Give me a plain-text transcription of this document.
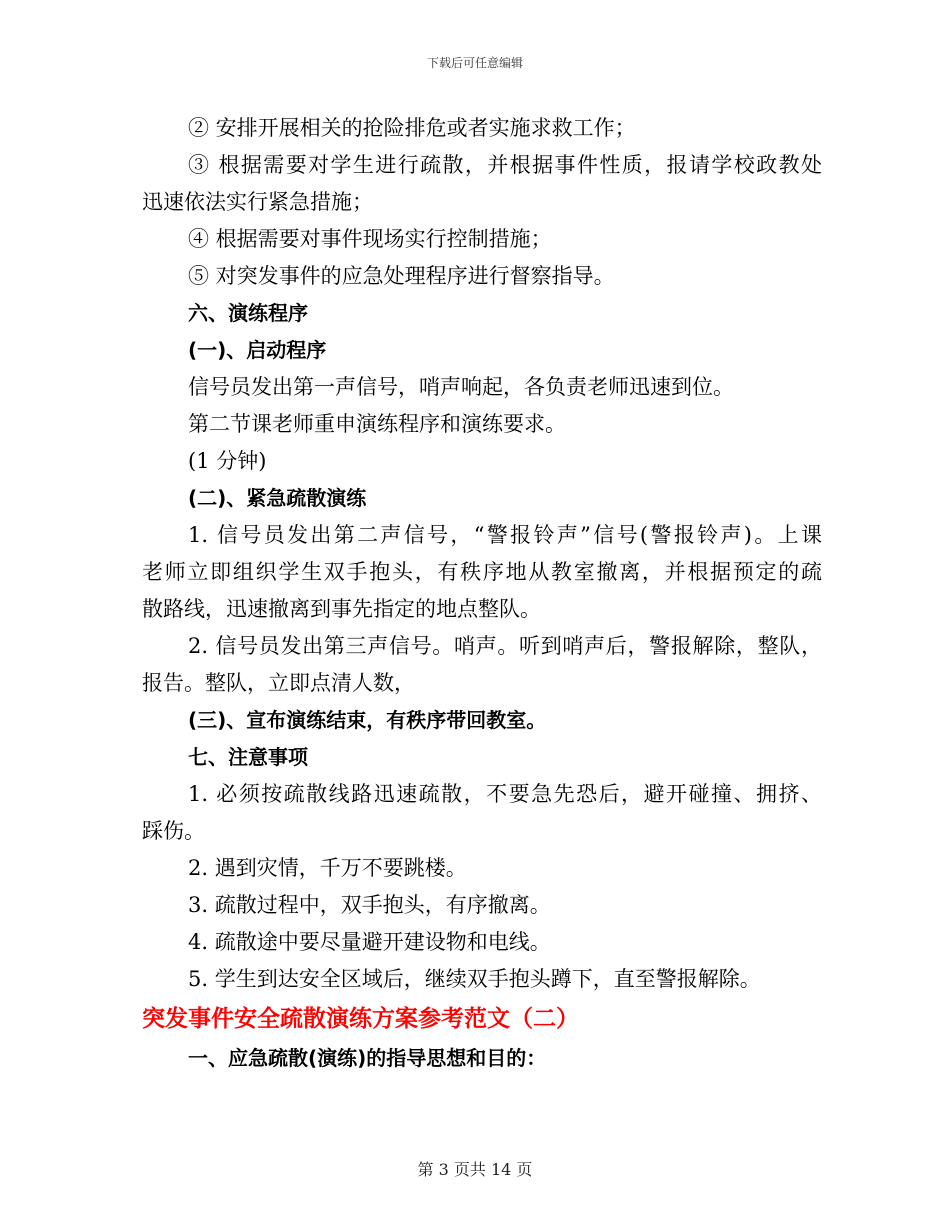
下载后可任意编辑

② 安排开展相关的抢险排危或者实施求救工作；

③ 根据需要对学生进行疏散，并根据事件性质，报请学校政教处

迅速依法实行紧急措施；

④ 根据需要对事件现场实行控制措施；

⑤ 对突发事件的应急处理程序进行督察指导。

六、演练程序

(一)、启动程序

信号员发出第一声信号，哨声响起，各负责老师迅速到位。

第二节课老师重申演练程序和演练要求。

(1 分钟)

(二)、紧急疏散演练

1. 信号员发出第二声信号，“警报铃声”信号(警报铃声)。上课

老师立即组织学生双手抱头，有秩序地从教室撤离，并根据预定的疏

散路线，迅速撤离到事先指定的地点整队。

2. 信号员发出第三声信号。哨声。听到哨声后，警报解除，整队，

报告。整队，立即点清人数，

(三)、宣布演练结束，有秩序带回教室。

七、注意事项

1. 必须按疏散线路迅速疏散，不要急先恐后，避开碰撞、拥挤、

踩伤。

2. 遇到灾情，千万不要跳楼。

3. 疏散过程中，双手抱头，有序撤离。

4. 疏散途中要尽量避开建设物和电线。

5. 学生到达安全区域后，继续双手抱头蹲下，直至警报解除。

突发事件安全疏散演练方案参考范文（二）

一、应急疏散(演练)的指导思想和目的：

第 3 页共 14 页
